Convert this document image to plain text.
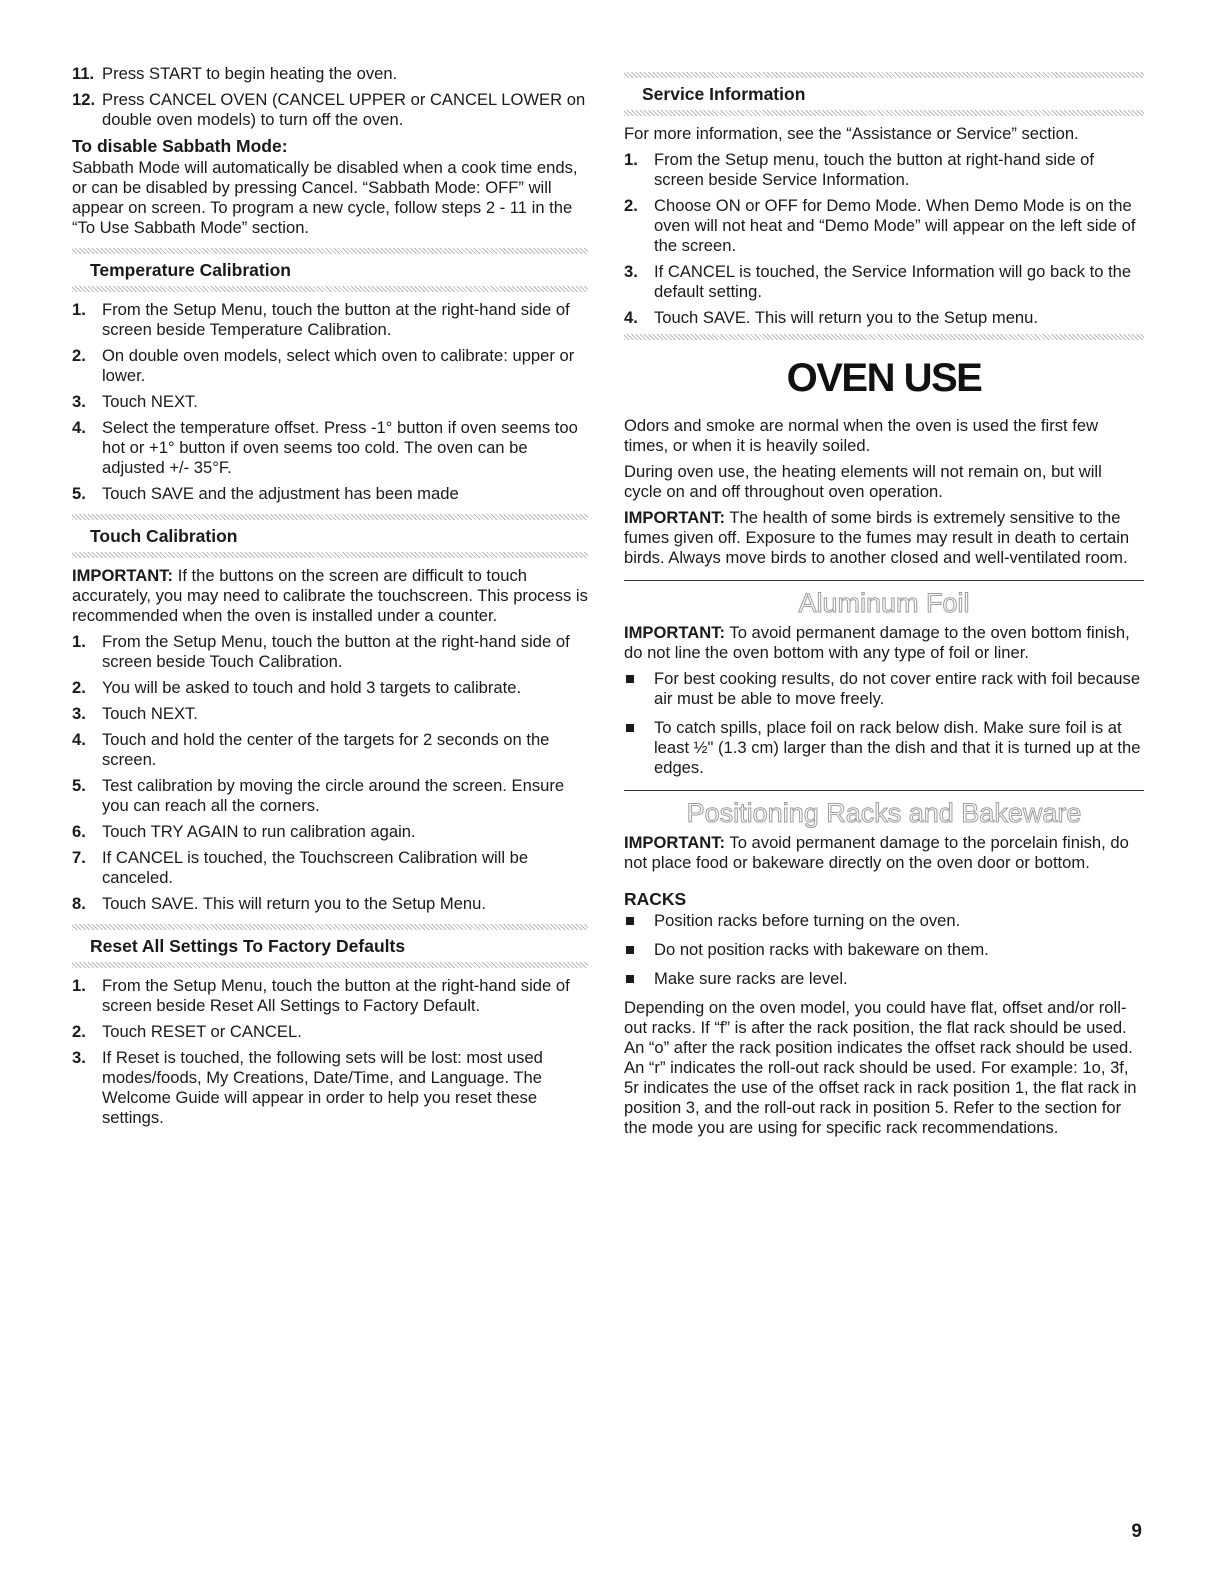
11. Press START to begin heating the oven.
12. Press CANCEL OVEN (CANCEL UPPER or CANCEL LOWER on double oven models) to turn off the oven.
To disable Sabbath Mode:

Sabbath Mode will automatically be disabled when a cook time ends, or can be disabled by pressing Cancel. “Sabbath Mode: OFF” will appear on screen. To program a new cycle, follow steps 2 - 11 in the “To Use Sabbath Mode” section.

Temperature Calibration
1. From the Setup Menu, touch the button at the right-hand side of screen beside Temperature Calibration.
2. On double oven models, select which oven to calibrate: upper or lower.
3. Touch NEXT.
4. Select the temperature offset. Press -1° button if oven seems too hot or +1° button if oven seems too cold. The oven can be adjusted +/- 35°F.
5. Touch SAVE and the adjustment has been made
Touch Calibration

IMPORTANT: If the buttons on the screen are difficult to touch accurately, you may need to calibrate the touchscreen. This process is recommended when the oven is installed under a counter.

1. From the Setup Menu, touch the button at the right-hand side of screen beside Touch Calibration.
2. You will be asked to touch and hold 3 targets to calibrate.
3. Touch NEXT.
4. Touch and hold the center of the targets for 2 seconds on the screen.
5. Test calibration by moving the circle around the screen. Ensure you can reach all the corners.
6. Touch TRY AGAIN to run calibration again.
7. If CANCEL is touched, the Touchscreen Calibration will be canceled.
8. Touch SAVE. This will return you to the Setup Menu.
Reset All Settings To Factory Defaults
1. From the Setup Menu, touch the button at the right-hand side of screen beside Reset All Settings to Factory Default.
2. Touch RESET or CANCEL.
3. If Reset is touched, the following sets will be lost: most used modes/foods, My Creations, Date/Time, and Language. The Welcome Guide will appear in order to help you reset these settings.
Service Information

For more information, see the “Assistance or Service” section.

1. From the Setup menu, touch the button at right-hand side of screen beside Service Information.
2. Choose ON or OFF for Demo Mode. When Demo Mode is on the oven will not heat and “Demo Mode” will appear on the left side of the screen.
3. If CANCEL is touched, the Service Information will go back to the default setting.
4. Touch SAVE. This will return you to the Setup menu.
OVEN USE

Odors and smoke are normal when the oven is used the first few times, or when it is heavily soiled.

During oven use, the heating elements will not remain on, but will cycle on and off throughout oven operation.

IMPORTANT: The health of some birds is extremely sensitive to the fumes given off. Exposure to the fumes may result in death to certain birds. Always move birds to another closed and well-ventilated room.

Aluminum Foil

IMPORTANT: To avoid permanent damage to the oven bottom finish, do not line the oven bottom with any type of foil or liner.

For best cooking results, do not cover entire rack with foil because air must be able to move freely.
To catch spills, place foil on rack below dish. Make sure foil is at least ½" (1.3 cm) larger than the dish and that it is turned up at the edges.
Positioning Racks and Bakeware

IMPORTANT: To avoid permanent damage to the porcelain finish, do not place food or bakeware directly on the oven door or bottom.

RACKS
Position racks before turning on the oven.
Do not position racks with bakeware on them.
Make sure racks are level.

Depending on the oven model, you could have flat, offset and/or roll-out racks. If “f” is after the rack position, the flat rack should be used. An “o” after the rack position indicates the offset rack should be used. An “r” indicates the roll-out rack should be used. For example: 1o, 3f, 5r indicates the use of the offset rack in rack position 1, the flat rack in position 3, and the roll-out rack in position 5. Refer to the section for the mode you are using for specific rack recommendations.

9
